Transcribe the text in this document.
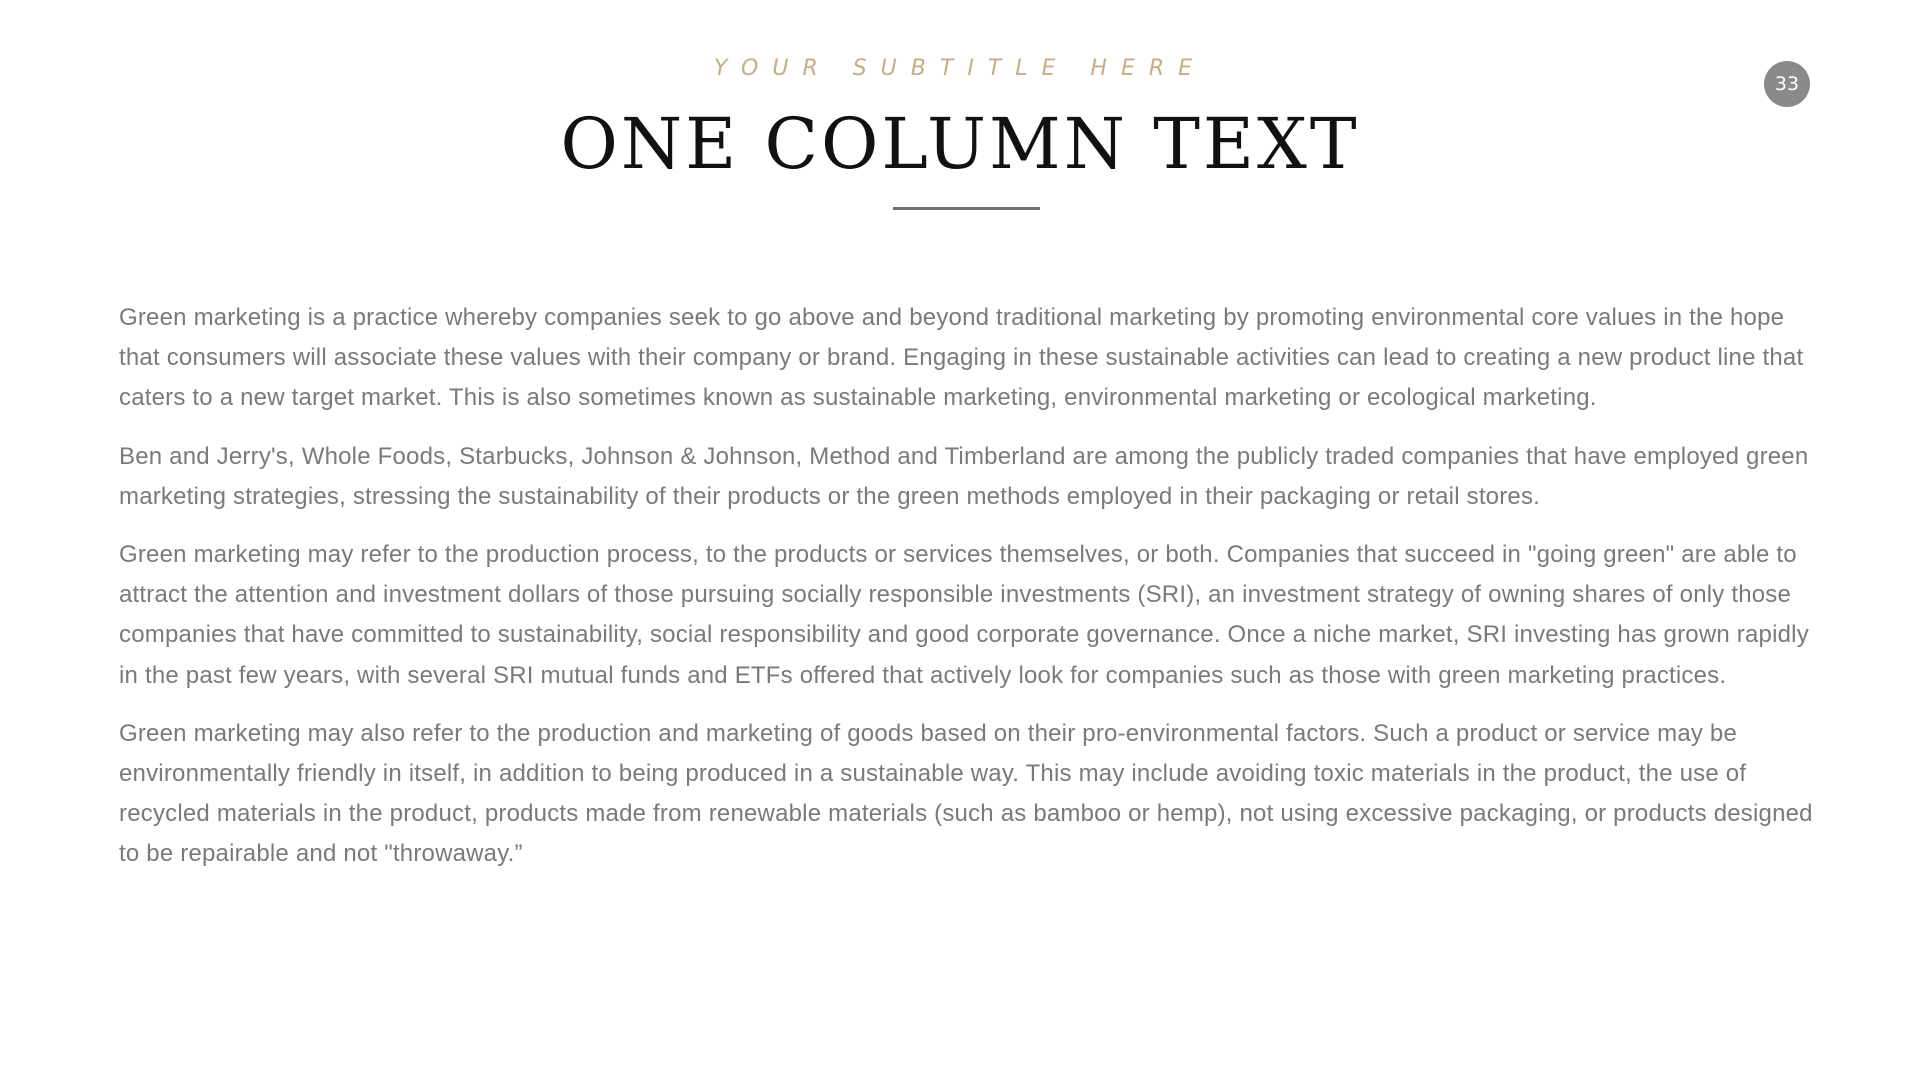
YOUR SUBTITLE HERE
ONE COLUMN TEXT
33

Green marketing is a practice whereby companies seek to go above and beyond traditional marketing by promoting environmental core values in the hope that consumers will associate these values with their company or brand. Engaging in these sustainable activities can lead to creating a new product line that caters to a new target market. This is also sometimes known as sustainable marketing, environmental marketing or ecological marketing.

Ben and Jerry's, Whole Foods, Starbucks, Johnson & Johnson, Method and Timberland are among the publicly traded companies that have employed green marketing strategies, stressing the sustainability of their products or the green methods employed in their packaging or retail stores.

Green marketing may refer to the production process, to the products or services themselves, or both. Companies that succeed in "going green" are able to attract the attention and investment dollars of those pursuing socially responsible investments (SRI), an investment strategy of owning shares of only those companies that have committed to sustainability, social responsibility and good corporate governance. Once a niche market, SRI investing has grown rapidly in the past few years, with several SRI mutual funds and ETFs offered that actively look for companies such as those with green marketing practices.

Green marketing may also refer to the production and marketing of goods based on their pro-environmental factors. Such a product or service may be environmentally friendly in itself, in addition to being produced in a sustainable way. This may include avoiding toxic materials in the product, the use of recycled materials in the product, products made from renewable materials (such as bamboo or hemp), not using excessive packaging, or products designed to be repairable and not "throwaway.”
